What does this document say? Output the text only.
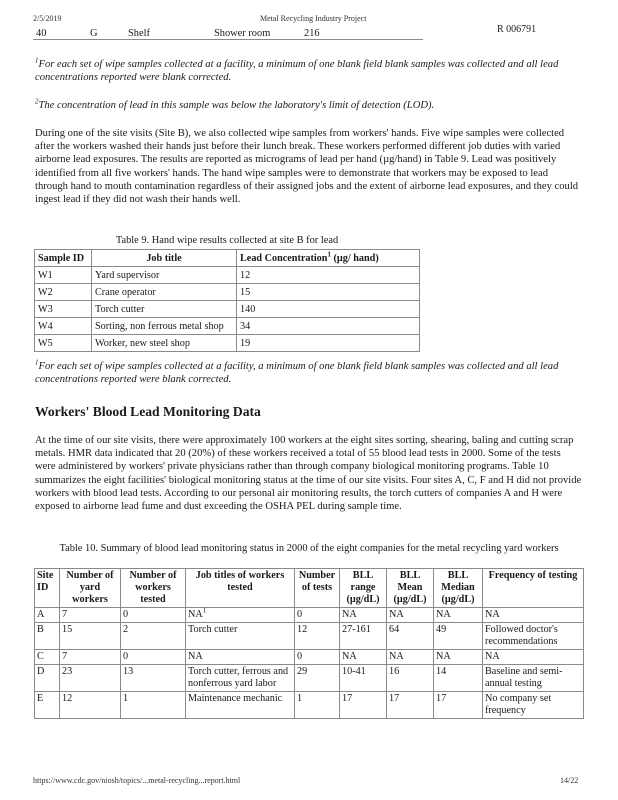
2/5/2019	Metal Recycling Industry Project
R 006791
40	G	Shelf	Shower room	216
$^1$For each set of wipe samples collected at a facility, a minimum of one blank field blank samples was collected and all lead concentrations reported were blank corrected.
$^2$The concentration of lead in this sample was below the laboratory's limit of detection (LOD).
During one of the site visits (Site B), we also collected wipe samples from workers' hands. Five wipe samples were collected after the workers washed their hands just before their lunch break. These workers performed different job duties with varied airborne lead exposures. The results are reported as micrograms of lead per hand (µg/hand) in Table 9. Lead was positively identified from all five workers' hands. The hand wipe samples were to demonstrate that workers may be exposed to lead through hand to mouth contamination regardless of their assigned jobs and the extent of airborne lead exposures, and they could ingest lead if they did not wash their hands well.
Table 9. Hand wipe results collected at site B for lead
Sample ID	Job title	Lead Concentration$^1$ (µg/ hand)
W1	Yard supervisor	12
W2	Crane operator	15
W3	Torch cutter	140
W4	Sorting, non ferrous metal shop	34
W5	Worker, new steel shop	19
$^1$For each set of wipe samples collected at a facility, a minimum of one blank field blank samples was collected and all lead concentrations reported were blank corrected.
Workers' Blood Lead Monitoring Data
At the time of our site visits, there were approximately 100 workers at the eight sites sorting, shearing, baling and cutting scrap metals. HMR data indicated that 20 (20%) of these workers received a total of 55 blood lead tests in 2000. Some of the tests were administered by workers' private physicians rather than through company biological monitoring programs. Table 10 summarizes the eight facilities' biological monitoring status at the time of our site visits. Four sites A, C, F and H did not provide workers with blood lead tests. According to our personal air monitoring results, the torch cutters of companies A and H were exposed to airborne lead fume and dust exceeding the OSHA PEL during sample time.
Table 10. Summary of blood lead monitoring status in 2000 of the eight companies for the metal recycling yard workers
Site ID	Number of yard workers	Number of workers tested	Job titles of workers tested	Number of tests	BLL range (µg/dL)	BLL Mean (µg/dL)	BLL Median (µg/dL)	Frequency of testing
A	7	0	$NA^1$	0	NA	NA	NA	NA
B	15	2	Torch cutter	12	27-161	64	49	Followed doctor's recommendations
C	7	0	NA	0	NA	NA	NA	NA
D	23	13	Torch cutter, ferrous and nonferrous yard labor	29	10-41	16	14	Baseline and semi-annual testing
E	12	1	Maintenance mechanic	1	17	17	17	No company set frequency
https://www.cdc.gov/niosh/topics/...metal-recycling...report.html	14/22
